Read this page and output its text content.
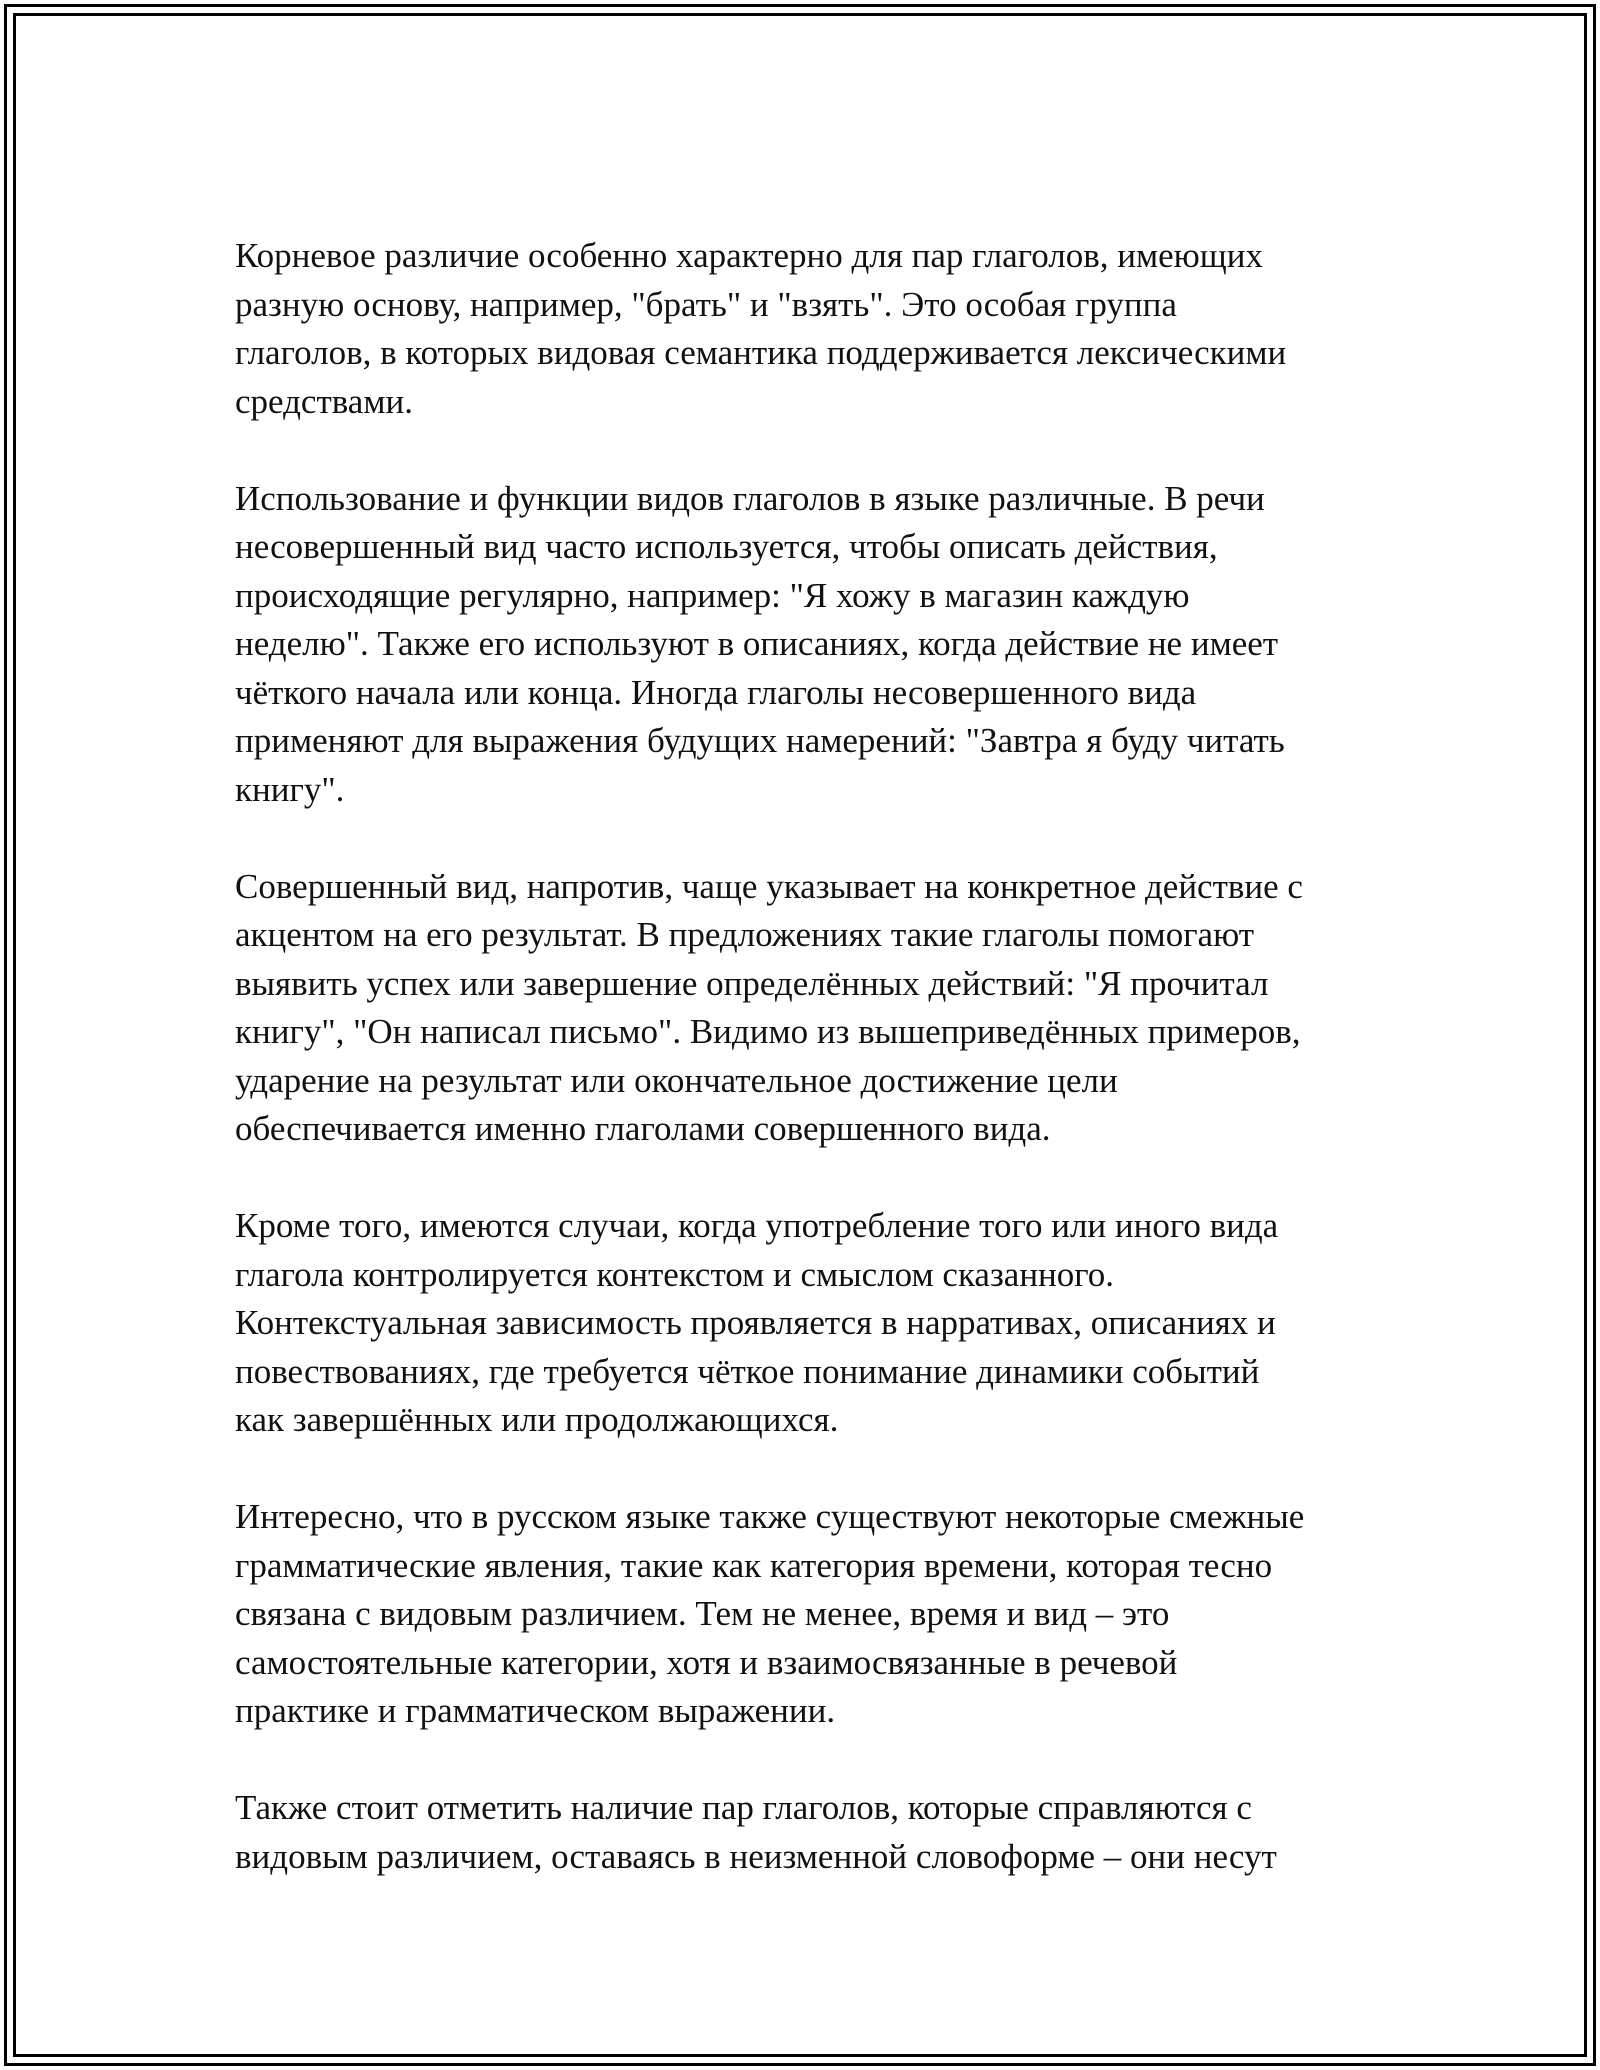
Корневое различие особенно характерно для пар глаголов, имеющих
разную основу, например, "брать" и "взять". Это особая группа
глаголов, в которых видовая семантика поддерживается лексическими
средствами.

Использование и функции видов глаголов в языке различные. В речи
несовершенный вид часто используется, чтобы описать действия,
происходящие регулярно, например: "Я хожу в магазин каждую
неделю". Также его используют в описаниях, когда действие не имеет
чёткого начала или конца. Иногда глаголы несовершенного вида
применяют для выражения будущих намерений: "Завтра я буду читать
книгу".

Совершенный вид, напротив, чаще указывает на конкретное действие с
акцентом на его результат. В предложениях такие глаголы помогают
выявить успех или завершение определённых действий: "Я прочитал
книгу", "Он написал письмо". Видимо из вышеприведённых примеров,
ударение на результат или окончательное достижение цели
обеспечивается именно глаголами совершенного вида.

Кроме того, имеются случаи, когда употребление того или иного вида
глагола контролируется контекстом и смыслом сказанного.
Контекстуальная зависимость проявляется в нарративах, описаниях и
повествованиях, где требуется чёткое понимание динамики событий
как завершённых или продолжающихся.

Интересно, что в русском языке также существуют некоторые смежные
грамматические явления, такие как категория времени, которая тесно
связана с видовым различием. Тем не менее, время и вид – это
самостоятельные категории, хотя и взаимосвязанные в речевой
практике и грамматическом выражении.

Также стоит отметить наличие пар глаголов, которые справляются с
видовым различием, оставаясь в неизменной словоформе – они несут
